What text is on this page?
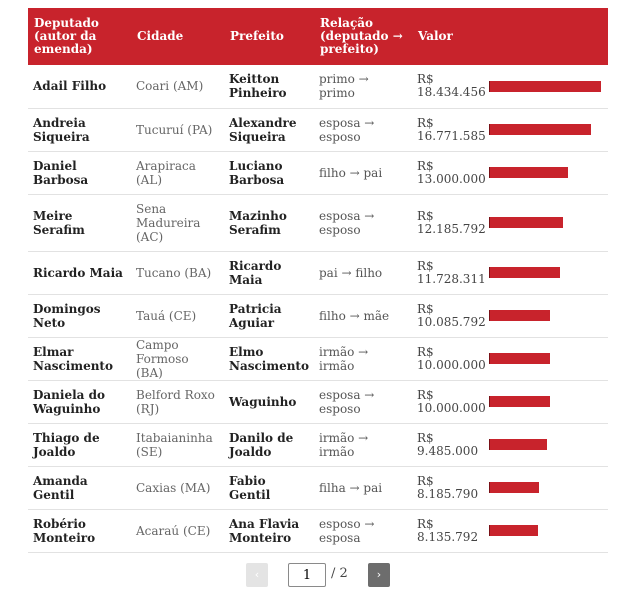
Deputado (autor da emenda)	Cidade	Prefeito	Relação (deputado → prefeito)	Valor	
Adail Filho	Coari (AM)	Keitton Pinheiro	primo → primo	R$ 18.434.456	

Andreia Siqueira	Tucuruí (PA)	Alexandre Siqueira	esposa → esposo	R$ 16.771.585	

Daniel Barbosa	Arapiraca (AL)	Luciano Barbosa	filho → pai	R$ 13.000.000	

Meire Serafim	Sena Madureira (AC)	Mazinho Serafim	esposa → esposo	R$ 12.185.792	

Ricardo Maia	Tucano (BA)	Ricardo Maia	pai → filho	R$ 11.728.311	

Domingos Neto	Tauá (CE)	Patricia Aguiar	filho → mãe	R$ 10.085.792	

Elmar Nascimento	Campo Formoso (BA)	Elmo Nascimento	irmão → irmão	R$ 10.000.000	

Daniela do Waguinho	Belford Roxo (RJ)	Waguinho	esposa → esposo	R$ 10.000.000	

Thiago de Joaldo	Itabaianinha (SE)	Danilo de Joaldo	irmão → irmão	R$ 9.485.000	

Amanda Gentil	Caxias (MA)	Fabio Gentil	filha → pai	R$ 8.185.790	

Robério Monteiro	Acaraú (CE)	Ana Flavia Monteiro	esposo → esposa	R$ 8.135.792	
‹
1	/ 2	›
